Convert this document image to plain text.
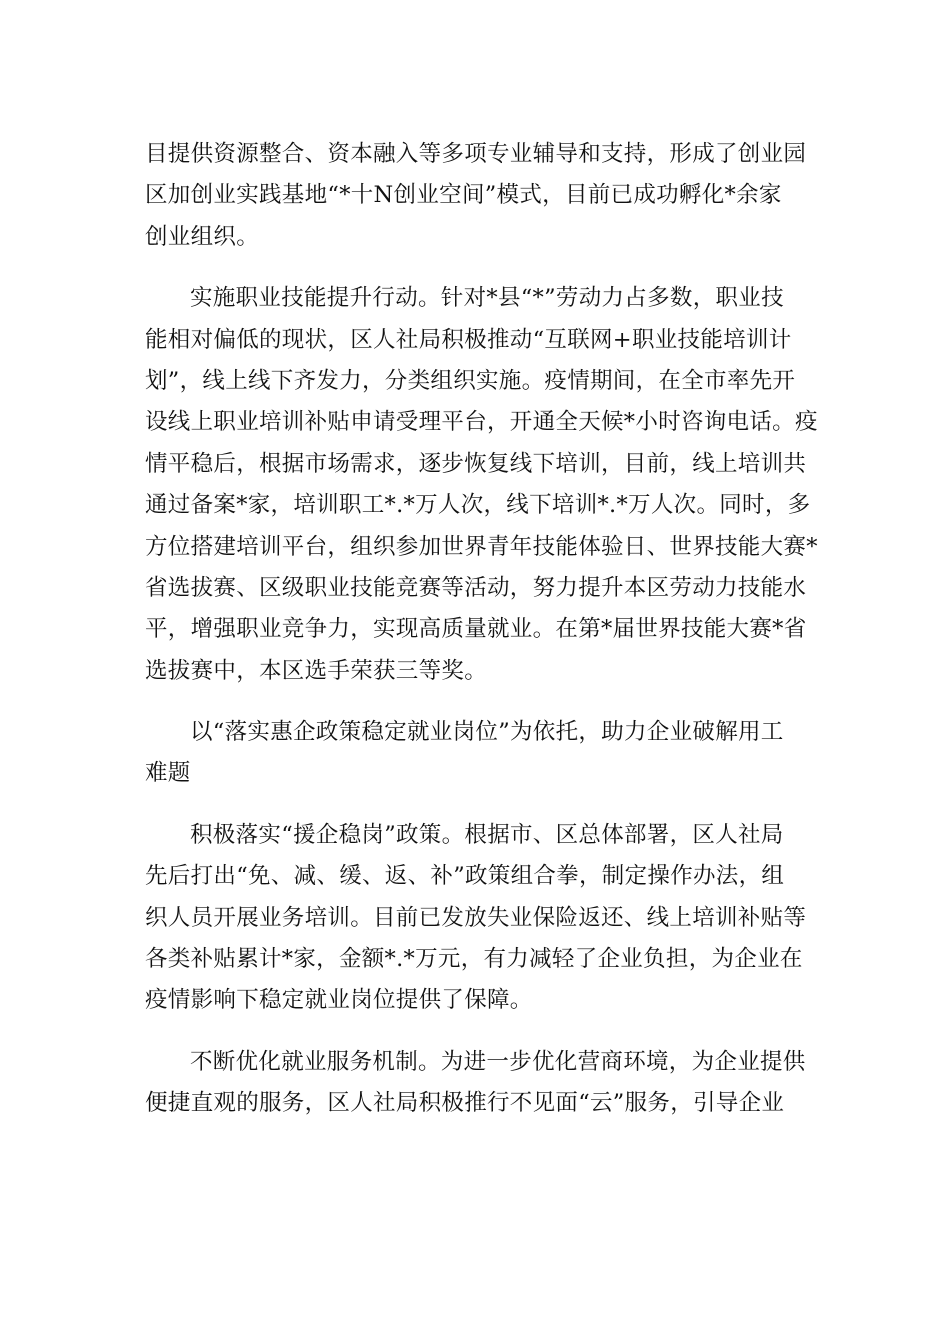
目提供资源整合、资本融入等多项专业辅导和支持，形成了创业园
区加创业实践基地“*十N创业空间”模式，目前已成功孵化*余家
创业组织。
实施职业技能提升行动。针对*县“*”劳动力占多数，职业技
能相对偏低的现状，区人社局积极推动“互联网+职业技能培训计
划”，线上线下齐发力，分类组织实施。疫情期间，在全市率先开
设线上职业培训补贴申请受理平台，开通全天候*小时咨询电话。疫
情平稳后，根据市场需求，逐步恢复线下培训，目前，线上培训共
通过备案*家，培训职工*.*万人次，线下培训*.*万人次。同时，多
方位搭建培训平台，组织参加世界青年技能体验日、世界技能大赛*
省选拔赛、区级职业技能竞赛等活动，努力提升本区劳动力技能水
平，增强职业竞争力，实现高质量就业。在第*届世界技能大赛*省
选拔赛中，本区选手荣获三等奖。
以“落实惠企政策稳定就业岗位”为依托，助力企业破解用工
难题
积极落实“援企稳岗”政策。根据市、区总体部署，区人社局
先后打出“免、减、缓、返、补”政策组合拳，制定操作办法，组
织人员开展业务培训。目前已发放失业保险返还、线上培训补贴等
各类补贴累计*家，金额*.*万元，有力减轻了企业负担，为企业在
疫情影响下稳定就业岗位提供了保障。
不断优化就业服务机制。为进一步优化营商环境，为企业提供
便捷直观的服务，区人社局积极推行不见面“云”服务，引导企业
